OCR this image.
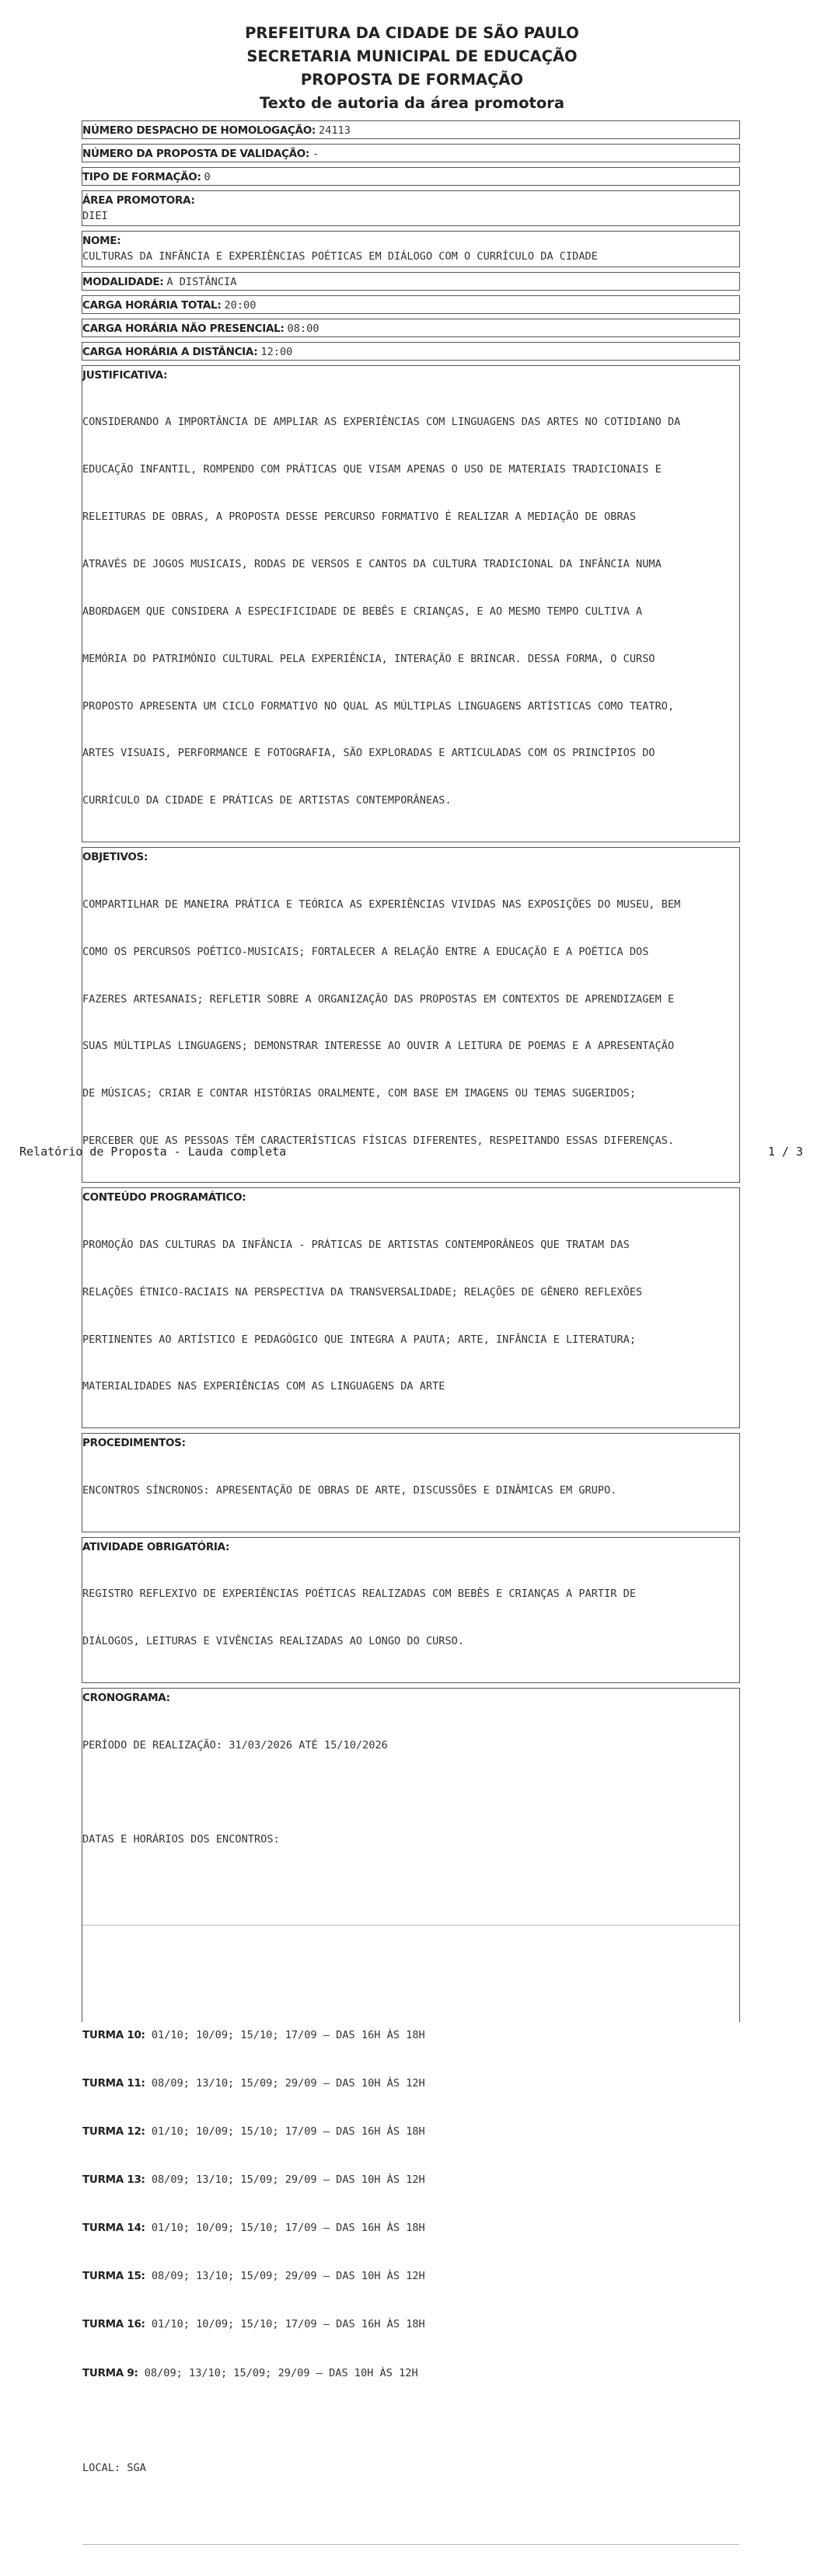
PREFEITURA DA CIDADE DE SÃO PAULO
SECRETARIA MUNICIPAL DE EDUCAÇÃO
PROPOSTA DE FORMAÇÃO
Texto de autoria da área promotora
NÚMERO DESPACHO DE HOMOLOGAÇÃO: 24113
NÚMERO DA PROPOSTA DE VALIDAÇÃO: -
TIPO DE FORMAÇÃO: 0
ÁREA PROMOTORA:
DIEI
NOME:
CULTURAS DA INFÂNCIA E EXPERIÊNCIAS POÉTICAS EM DIÁLOGO COM O CURRÍCULO DA CIDADE
MODALIDADE: A DISTÂNCIA
CARGA HORÁRIA TOTAL: 20:00
CARGA HORÁRIA NÃO PRESENCIAL: 08:00
CARGA HORÁRIA A DISTÂNCIA: 12:00
JUSTIFICATIVA:

CONSIDERANDO A IMPORTÂNCIA DE AMPLIAR AS EXPERIÊNCIAS COM LINGUAGENS DAS ARTES NO COTIDIANO DA

EDUCAÇÃO INFANTIL, ROMPENDO COM PRÁTICAS QUE VISAM APENAS O USO DE MATERIAIS TRADICIONAIS E

RELEITURAS DE OBRAS, A PROPOSTA DESSE PERCURSO FORMATIVO É REALIZAR A MEDIAÇÃO DE OBRAS

ATRAVÉS DE JOGOS MUSICAIS, RODAS DE VERSOS E CANTOS DA CULTURA TRADICIONAL DA INFÂNCIA NUMA

ABORDAGEM QUE CONSIDERA A ESPECIFICIDADE DE BEBÊS E CRIANÇAS, E AO MESMO TEMPO CULTIVA A

MEMÓRIA DO PATRIMÔNIO CULTURAL PELA EXPERIÊNCIA, INTERAÇÃO E BRINCAR. DESSA FORMA, O CURSO

PROPOSTO APRESENTA UM CICLO FORMATIVO NO QUAL AS MÚLTIPLAS LINGUAGENS ARTÍSTICAS COMO TEATRO,

ARTES VISUAIS, PERFORMANCE E FOTOGRAFIA, SÃO EXPLORADAS E ARTICULADAS COM OS PRINCÍPIOS DO

CURRÍCULO DA CIDADE E PRÁTICAS DE ARTISTAS CONTEMPORÂNEAS.

OBJETIVOS:

COMPARTILHAR DE MANEIRA PRÁTICA E TEÓRICA AS EXPERIÊNCIAS VIVIDAS NAS EXPOSIÇÕES DO MUSEU, BEM

COMO OS PERCURSOS POÉTICO-MUSICAIS; FORTALECER A RELAÇÃO ENTRE A EDUCAÇÃO E A POÉTICA DOS

FAZERES ARTESANAIS; REFLETIR SOBRE A ORGANIZAÇÃO DAS PROPOSTAS EM CONTEXTOS DE APRENDIZAGEM E

SUAS MÚLTIPLAS LINGUAGENS; DEMONSTRAR INTERESSE AO OUVIR A LEITURA DE POEMAS E A APRESENTAÇÃO

DE MÚSICAS; CRIAR E CONTAR HISTÓRIAS ORALMENTE, COM BASE EM IMAGENS OU TEMAS SUGERIDOS;

PERCEBER QUE AS PESSOAS TÊM CARACTERÍSTICAS FÍSICAS DIFERENTES, RESPEITANDO ESSAS DIFERENÇAS.

CONTEÚDO PROGRAMÁTICO:

PROMOÇÃO DAS CULTURAS DA INFÂNCIA - PRÁTICAS DE ARTISTAS CONTEMPORÂNEOS QUE TRATAM DAS

RELAÇÕES ÉTNICO-RACIAIS NA PERSPECTIVA DA TRANSVERSALIDADE; RELAÇÕES DE GÊNERO REFLEXÕES

PERTINENTES AO ARTÍSTICO E PEDAGÓGICO QUE INTEGRA A PAUTA; ARTE, INFÂNCIA E LITERATURA;

MATERIALIDADES NAS EXPERIÊNCIAS COM AS LINGUAGENS DA ARTE

PROCEDIMENTOS:

ENCONTROS SÍNCRONOS: APRESENTAÇÃO DE OBRAS DE ARTE, DISCUSSÕES E DINÂMICAS EM GRUPO.

ATIVIDADE OBRIGATÓRIA:

REGISTRO REFLEXIVO DE EXPERIÊNCIAS POÉTICAS REALIZADAS COM BEBÊS E CRIANÇAS A PARTIR DE

DIÁLOGOS, LEITURAS E VIVÊNCIAS REALIZADAS AO LONGO DO CURSO.

CRONOGRAMA:

PERÍODO DE REALIZAÇÃO: 31/03/2026 ATÉ 15/10/2026

DATAS E HORÁRIOS DOS ENCONTROS:

TURMA 10: 01/10; 10/09; 15/10; 17/09 — DAS 16H ÀS 18H

TURMA 11: 08/09; 13/10; 15/09; 29/09 — DAS 10H ÀS 12H

TURMA 12: 01/10; 10/09; 15/10; 17/09 — DAS 16H ÀS 18H

TURMA 13: 08/09; 13/10; 15/09; 29/09 — DAS 10H ÀS 12H

TURMA 14: 01/10; 10/09; 15/10; 17/09 — DAS 16H ÀS 18H

TURMA 15: 08/09; 13/10; 15/09; 29/09 — DAS 10H ÀS 12H

TURMA 16: 01/10; 10/09; 15/10; 17/09 — DAS 16H ÀS 18H

TURMA 9: 08/09; 13/10; 15/09; 29/09 — DAS 10H ÀS 12H

LOCAL: SGA

Relatório de Proposta - Lauda completa	1 / 3
